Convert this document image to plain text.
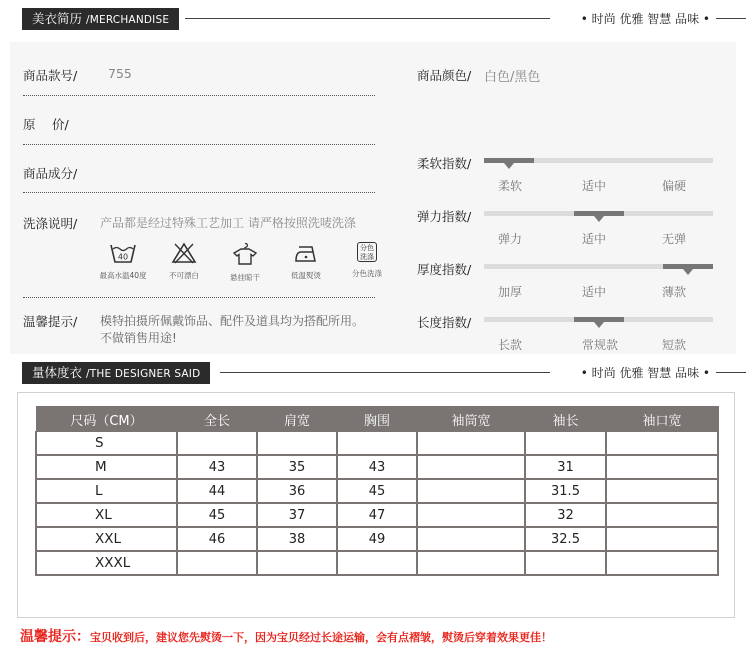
美衣简历 /MERCHANDISE	• 时尚 优雅 智慧 品味 •
商品款号/ 755
原　 价/
商品成分/
洗涤说明/ 产品都是经过特殊工艺加工 请严格按照洗唛洗涤
40
最高水温40度	不可漂白	悬挂晾干	低温熨烫
分色洗涤
分色洗涤
温馨提示/ 模特拍摄所佩戴饰品、配件及道具均为搭配所用。
不做销售用途!
商品颜色/ 白色/黑色
柔软指数/
柔软	适中	偏硬
弹力指数/
弹力	适中	无弹
厚度指数/
加厚	适中	薄款
长度指数/
长款	常规款	短款
量体度衣 /THE DESIGNER SAID	• 时尚 优雅 智慧 品味 •
尺码（CM）	全长	肩宽	胸围	袖筒宽	袖长	袖口宽
S						
M	43	35	43		31	
L	44	36	45		31.5	
XL	45	37	47		32	
XXL	46	38	49		32.5	
XXXL						
温馨提示：宝贝收到后，建议您先熨烫一下，因为宝贝经过长途运输，会有点褶皱，熨烫后穿着效果更佳！
